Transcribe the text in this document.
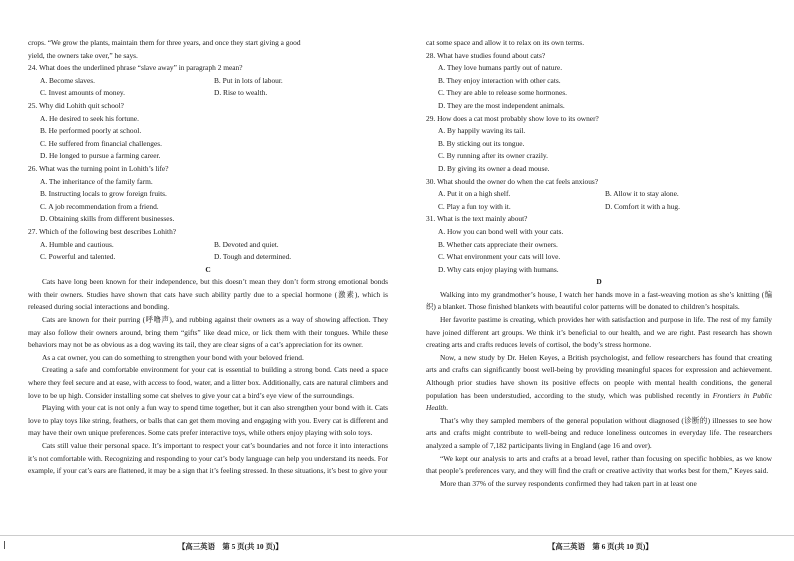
crops. “We grow the plants, maintain them for three years, and once they start giving a good
yield, the owners take over,” he says.
24. What does the underlined phrase “slave away” in paragraph 2 mean?
A. Become slaves.	B. Put in lots of labour.
C. Invest amounts of money.	D. Rise to wealth.
25. Why did Lohith quit school?
A. He desired to seek his fortune.
B. He performed poorly at school.
C. He suffered from financial challenges.
D. He longed to pursue a farming career.
26. What was the turning point in Lohith’s life?
A. The inheritance of the family farm.
B. Instructing locals to grow foreign fruits.
C. A job recommendation from a friend.
D. Obtaining skills from different businesses.
27. Which of the following best describes Lohith?
A. Humble and cautious.	B. Devoted and quiet.
C. Powerful and talented.	D. Tough and determined.
C

Cats have long been known for their independence, but this doesn’t mean they don’t form strong emotional bonds with their owners. Studies have shown that cats have such ability partly due to a special hormone (激素), which is released during social interactions and bonding.

Cats are known for their purring (呼噜声), and rubbing against their owners as a way of showing affection. They may also follow their owners around, bring them “gifts” like dead mice, or lick them with their tongues. While these behaviors may not be as obvious as a dog waving its tail, they are clear signs of a cat’s appreciation for its owner.

As a cat owner, you can do something to strengthen your bond with your beloved friend.

Creating a safe and comfortable environment for your cat is essential to building a strong bond. Cats need a space where they feel secure and at ease, with access to food, water, and a litter box. Additionally, cats are natural climbers and love to be up high. Consider installing some cat shelves to give your cat a bird’s eye view of the surroundings.

Playing with your cat is not only a fun way to spend time together, but it can also strengthen your bond with it. Cats love to play toys like string, feathers, or balls that can get them moving and engaging with you. Every cat is different and may have their own unique preferences. Some cats prefer interactive toys, while others enjoy playing with solo toys.

Cats still value their personal space. It’s important to respect your cat’s boundaries and not force it into interactions it’s not comfortable with. Recognizing and responding to your cat’s body language can help you understand its needs. For example, if your cat’s ears are flattened, it may be a sign that it’s feeling stressed. In these situations, it’s best to give your

cat some space and allow it to relax on its own terms.
28. What have studies found about cats?
A. They love humans partly out of nature.
B. They enjoy interaction with other cats.
C. They are able to release some hormones.
D. They are the most independent animals.
29. How does a cat most probably show love to its owner?
A. By happily waving its tail.
B. By sticking out its tongue.
C. By running after its owner crazily.
D. By giving its owner a dead mouse.
30. What should the owner do when the cat feels anxious?
A. Put it on a high shelf.	B. Allow it to stay alone.
C. Play a fun toy with it.	D. Comfort it with a hug.
31. What is the text mainly about?
A. How you can bond well with your cats.
B. Whether cats appreciate their owners.
C. What environment your cats will love.
D. Why cats enjoy playing with humans.
D

Walking into my grandmother’s house, I watch her hands move in a fast-weaving motion as she’s knitting (编织) a blanket. Those finished blankets with beautiful color patterns will be donated to children’s hospitals.

Her favorite pastime is creating, which provides her with satisfaction and purpose in life. The rest of my family have joined different art groups. We think it’s beneficial to our health, and we are right. Past research has shown creating arts and crafts reduces levels of cortisol, the body’s stress hormone.

Now, a new study by Dr. Helen Keyes, a British psychologist, and fellow researchers has found that creating arts and crafts can significantly boost well-being by providing meaningful spaces for expression and achievement. Although prior studies have shown its positive effects on people with mental health conditions, the general population has been understudied, according to the study, which was published recently in Frontiers in Public Health.

That’s why they sampled members of the general population without diagnosed (诊断的) illnesses to see how arts and crafts might contribute to well-being and reduce loneliness outcomes in everyday life. The researchers analyzed a sample of 7,182 participants living in England (age 16 and over).

“We kept our analysis to arts and crafts at a broad level, rather than focusing on specific hobbies, as we know that people’s preferences vary, and they will find the craft or creative activity that works best for them,” Keyes said.

More than 37% of the survey respondents confirmed they had taken part in at least one

【高三英语　第 5 页(共 10 页)】	【高三英语　第 6 页(共 10 页)】
